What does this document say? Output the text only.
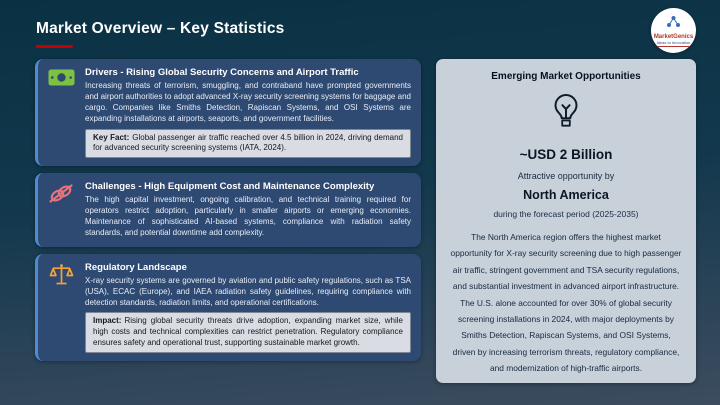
Market Overview – Key Statistics	MarketGenics
Ideas to Innovation
Drivers - Rising Global Security Concerns and Airport Traffic
Increasing threats of terrorism, smuggling, and contraband have prompted governments and airport authorities to adopt advanced X-ray security screening systems for baggage and cargo. Companies like Smiths Detection, Rapiscan Systems, and OSI Systems are expanding installations at airports, seaports, and government facilities.
Key Fact: Global passenger air traffic reached over 4.5 billion in 2024, driving demand for advanced security screening systems (IATA, 2024).
Challenges - High Equipment Cost and Maintenance Complexity
The high capital investment, ongoing calibration, and technical training required for operators restrict adoption, particularly in smaller airports or emerging economies. Maintenance of sophisticated AI-based systems, compliance with radiation safety standards, and potential downtime add complexity.
Regulatory Landscape
X-ray security systems are governed by aviation and public safety regulations, such as TSA (USA), ECAC (Europe), and IAEA radiation safety guidelines, requiring compliance with detection standards, radiation limits, and operational certifications.
Impact: Rising global security threats drive adoption, expanding market size, while high costs and technical complexities can restrict penetration. Regulatory compliance ensures safety and operational trust, supporting sustainable market growth.
Emerging Market Opportunities
~USD 2 Billion
Attractive opportunity by
North America
during the forecast period (2025-2035)
The North America region offers the highest market opportunity for X-ray security screening due to high passenger air traffic, stringent government and TSA security regulations, and substantial investment in advanced airport infrastructure. The U.S. alone accounted for over 30% of global security screening installations in 2024, with major deployments by Smiths Detection, Rapiscan Systems, and OSI Systems, driven by increasing terrorism threats, regulatory compliance, and modernization of high-traffic airports.
